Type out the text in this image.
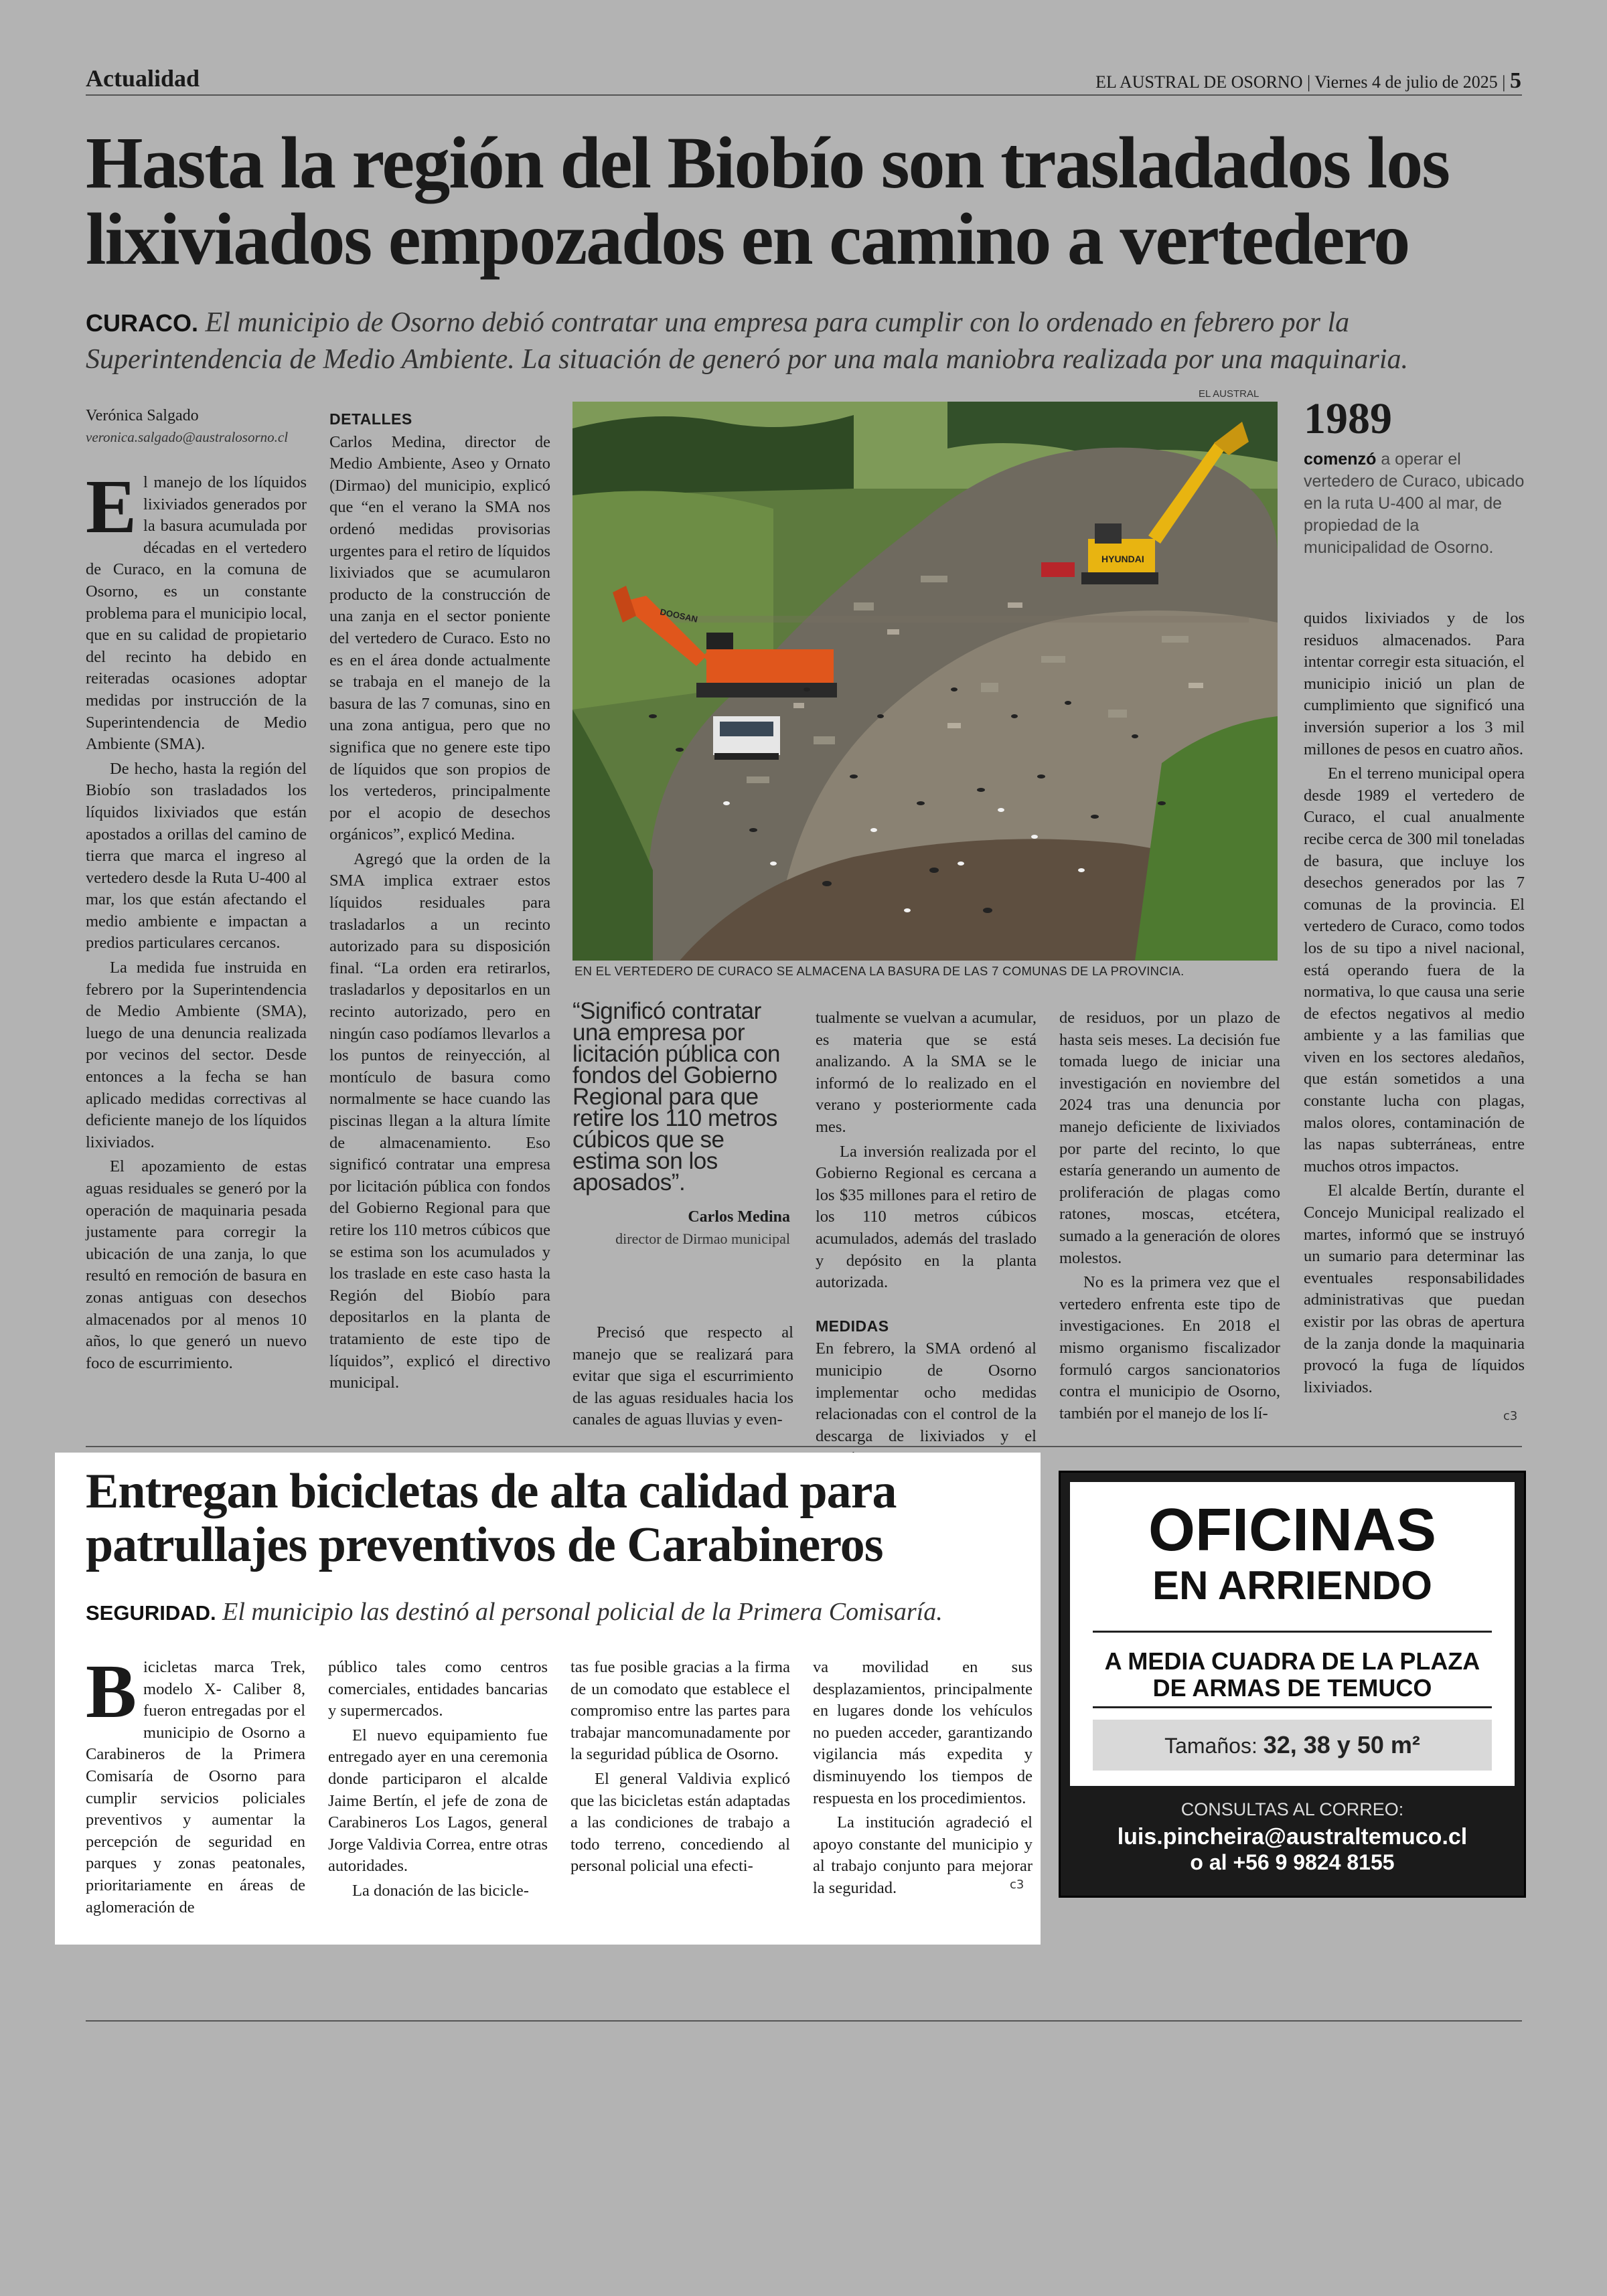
Actualidad	EL AUSTRAL DE OSORNO | Viernes 4 de julio de 2025 | 5
Hasta la región del Biobío son trasladados los lixiviados empozados en camino a vertedero
CURACO. El municipio de Osorno debió contratar una empresa para cumplir con lo ordenado en febrero por la Superintendencia de Medio Ambiente. La situación de generó por una mala maniobra realizada por una maquinaria.
Verónica Salgado
veronica.salgado@australosorno.cl

El manejo de los líquidos lixiviados generados por la basura acumulada por décadas en el vertedero de Curaco, en la comuna de Osorno, es un constante problema para el municipio local, que en su calidad de propietario del recinto ha debido en reiteradas ocasiones adoptar medidas por instrucción de la Superintendencia de Medio Ambiente (SMA).

De hecho, hasta la región del Biobío son trasladados los líquidos lixiviados que están apostados a orillas del camino de tierra que marca el ingreso al vertedero desde la Ruta U-400 al mar, los que están afectando el medio ambiente e impactan a predios particulares cercanos.

La medida fue instruida en febrero por la Superintendencia de Medio Ambiente (SMA), luego de una denuncia realizada por vecinos del sector. Desde entonces a la fecha se han aplicado medidas correctivas al deficiente manejo de los líquidos lixiviados.

El apozamiento de estas aguas residuales se generó por la operación de maquinaria pesada justamente para corregir la ubicación de una zanja, lo que resultó en remoción de basura en zonas antiguas con desechos almacenados por al menos 10 años, lo que generó un nuevo foco de escurrimiento.

DETALLES

Carlos Medina, director de Medio Ambiente, Aseo y Ornato (Dirmao) del municipio, explicó que “en el verano la SMA nos ordenó medidas provisorias urgentes para el retiro de líquidos lixiviados que se acumularon producto de la construcción de una zanja en el sector poniente del vertedero de Curaco. Esto no es en el área donde actualmente se trabaja en el manejo de la basura de las 7 comunas, sino en una zona antigua, pero que no significa que no genere este tipo de líquidos que son propios de los vertederos, principalmente por el acopio de desechos orgánicos”, explicó Medina.

Agregó que la orden de la SMA implica extraer estos líquidos residuales para trasladarlos a un recinto autorizado para su disposición final. “La orden era retirarlos, trasladarlos y depositarlos en un recinto autorizado, pero en ningún caso podíamos llevarlos a los puntos de reinyección, al montículo de basura como normalmente se hace cuando las piscinas llegan a la altura límite de almacenamiento. Eso significó contratar una empresa por licitación pública con fondos del Gobierno Regional para que retire los 110 metros cúbicos que se estima son los acumulados y los traslade en este caso hasta la Región del Biobío para depositarlos en la planta de tratamiento de este tipo de líquidos”, explicó el directivo municipal.

EL AUSTRAL
HYUNDAI
DOOSAN
EN EL VERTEDERO DE CURACO SE ALMACENA LA BASURA DE LAS 7 COMUNAS DE LA PROVINCIA.
1989
comenzó a operar el vertedero de Curaco, ubicado en la ruta U-400 al mar, de propiedad de la municipalidad de Osorno.
“Significó contratar una empresa por licitación pública con fondos del Gobierno Regional para que retire los 110 metros cúbicos que se estima son los aposados”.
Carlos Medina
director de Dirmao municipal

Precisó que respecto al manejo que se realizará para evitar que siga el escurrimiento de las aguas residuales hacia los canales de aguas lluvias y even-

tualmente se vuelvan a acumular, es materia que se está analizando. A la SMA se le informó de lo realizado en el verano y posteriormente cada mes.

La inversión realizada por el Gobierno Regional es cercana a los $35 millones para el retiro de los 110 metros cúbicos acumulados, además del traslado y depósito en la planta autorizada.

MEDIDAS

En febrero, la SMA ordenó al municipio de Osorno implementar ocho medidas relacionadas con el control de la descarga de lixiviados y el

de residuos, por un plazo de hasta seis meses. La decisión fue tomada luego de iniciar una investigación en noviembre del 2024 tras una denuncia por manejo deficiente de lixiviados por parte del recinto, lo que estaría generando un aumento de proliferación de plagas como ratones, moscas, etcétera, sumado a la generación de olores molestos.

No es la primera vez que el vertedero enfrenta este tipo de investigaciones. En 2018 el mismo organismo fiscalizador formuló cargos sancionatorios contra el municipio de Osorno, también por el manejo de los lí-

quidos lixiviados y de los residuos almacenados. Para intentar corregir esta situación, el municipio inició un plan de cumplimiento que significó una inversión superior a los 3 mil millones de pesos en cuatro años.

En el terreno municipal opera desde 1989 el vertedero de Curaco, el cual anualmente recibe cerca de 300 mil toneladas de basura, que incluye los desechos generados por las 7 comunas de la provincia. El vertedero de Curaco, como todos los de su tipo a nivel nacional, está operando fuera de la normativa, lo que causa una serie de efectos negativos al medio ambiente y a las familias que viven en los sectores aledaños, que están sometidos a una constante lucha con plagas, malos olores, contaminación de las napas subterráneas, entre muchos otros impactos.

El alcalde Bertín, durante el Concejo Municipal realizado el martes, informó que se instruyó un sumario para determinar las eventuales responsabilidades administrativas que puedan existir por las obras de apertura de la zanja donde la maquinaria provocó la fuga de líquidos lixiviados.

ᴄ3
Entregan bicicletas de alta calidad para patrullajes preventivos de Carabineros
SEGURIDAD. El municipio las destinó al personal policial de la Primera Comisaría.

Bicicletas marca Trek, modelo X- Caliber 8, fueron entregadas por el municipio de Osorno a Carabineros de la Primera Comisaría de Osorno para cumplir servicios policiales preventivos y aumentar la percepción de seguridad en parques y zonas peatonales, prioritariamente en áreas de aglomeración de

público tales como centros comerciales, entidades bancarias y supermercados.

El nuevo equipamiento fue entregado ayer en una ceremonia donde participaron el alcalde Jaime Bertín, el jefe de zona de Carabineros Los Lagos, general Jorge Valdivia Correa, entre otras autoridades.

La donación de las biciclе-

tas fue posible gracias a la firma de un comodato que establece el compromiso entre las partes para trabajar mancomunadamente por la seguridad pública de Osorno.

El general Valdivia explicó que las bicicletas están adaptadas a las condiciones de trabajo a todo terreno, concediendo al personal policial una efecti-

va movilidad en sus desplazamientos, principalmente en lugares donde los vehículos no pueden acceder, garantizando vigilancia más expedita y disminuyendo los tiempos de respuesta en los procedimientos.

La institución agradeció el apoyo constante del municipio y al trabajo conjunto para mejorar la seguridad.	ᴄ3
OFICINAS
EN ARRIENDO
A MEDIA CUADRA DE LA PLAZA
DE ARMAS DE TEMUCO
Tamaños: 32, 38 y 50 m²
CONSULTAS AL CORREO:
luis.pincheira@australtemuco.cl
o al +56 9 9824 8155
